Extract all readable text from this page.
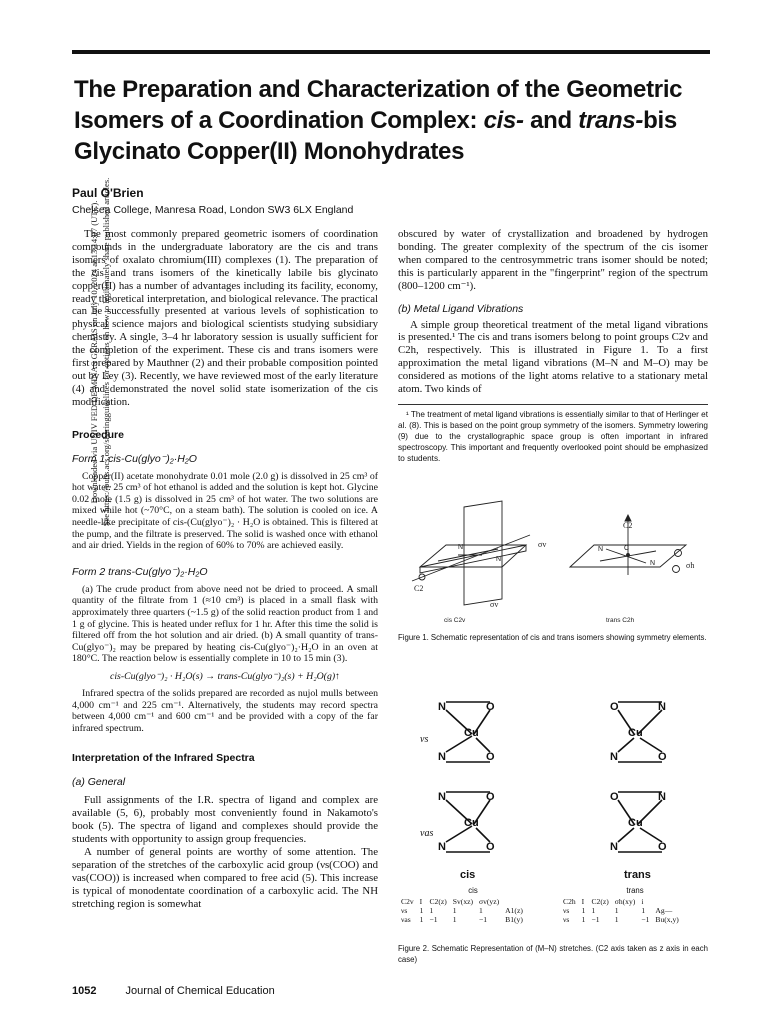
Downloaded via UNIV FED DE MINAS GERAIS on July 10, 2024 at 13:14:07 (UTC). See https://pubs.acs.org/sharingguidelines for options on how to legitimately share published articles.
The Preparation and Characterization of the Geometric Isomers of a Coordination Complex: cis- and trans-bis Glycinato Copper(II) Monohydrates
Paul O'Brien
Chelsea College, Manresa Road, London SW3 6LX England

The most commonly prepared geometric isomers of coordination compounds in the undergraduate laboratory are the cis and trans isomers of oxalato chromium(III) complexes (1). The preparation of the cis and trans isomers of the kinetically labile bis glycinato copper(II) has a number of advantages including its facility, economy, ready theoretical interpretation, and biological relevance. The practical can be successfully presented at various levels of sophistication to physical science majors and biological scientists studying subsidiary chemistry. A single, 3–4 hr laboratory session is usually sufficient for the completion of the experiment. These cis and trans isomers were first prepared by Mauthner (2) and their probable composition pointed out by Ley (3). Recently, we have reviewed most of the early literature (4) and demonstrated the novel solid state isomerization of the cis modification.

Procedure
Form 1 cis-Cu(glyo⁻)₂·H₂O

Copper(II) acetate monohydrate 0.01 mole (2.0 g) is dissolved in 25 cm³ of hot water. 25 cm³ of hot ethanol is added and the solution is kept hot. Glycine 0.02 mole (1.5 g) is dissolved in 25 cm³ of hot water. The two solutions are mixed while hot (~70°C, on a steam bath). The solution is cooled on ice. A needle-like precipitate of cis-(Cu(glyo⁻)₂ · H₂O is obtained. This is filtered at the pump, and the filtrate is preserved. The solid is washed once with ethanol and air dried. Yields in the region of 60% to 70% are achieved easily.

Form 2 trans-Cu(glyo⁻)₂·H₂O

(a) The crude product from above need not be dried to proceed. A small quantity of the filtrate from 1 (≈10 cm³) is placed in a small flask with approximately three quarters (~1.5 g) of the solid reaction product from 1 and 1 g of glycine. This is heated under reflux for 1 hr. After this time the solid is filtered off from the hot solution and air dried. (b) A small quantity of trans-Cu(glyo⁻)₂ may be prepared by heating cis-Cu(glyo⁻)₂·H₂O in an oven at 180°C. The reaction below is essentially complete in 10 to 15 min (3).

cis-Cu(glyo⁻)₂ · H₂O(s) → trans-Cu(glyo⁻)₂(s) + H₂O(g)↑

Infrared spectra of the solids prepared are recorded as nujol mulls between 4,000 cm⁻¹ and 225 cm⁻¹. Alternatively, the students may record spectra between 4,000 cm⁻¹ and 600 cm⁻¹ and be provided with a copy of the far infrared spectrum.

Interpretation of the Infrared Spectra
(a) General

Full assignments of the I.R. spectra of ligand and complex are available (5, 6), probably most conveniently found in Nakamoto's book (5). The spectra of ligand and complexes should provide the students with opportunity to assign group frequencies.

A number of general points are worthy of some attention. The separation of the stretches of the carboxylic acid group (νs(COO) and νas(COO)) is increased when compared to free acid (5). This increase is typical of monodentate coordination of a carboxylic acid. The NH stretching region is somewhat

obscured by water of crystallization and broadened by hydrogen bonding. The greater complexity of the spectrum of the cis isomer when compared to the centrosymmetric trans isomer should be noted; this is particularly apparent in the "fingerprint" region of the spectrum (800–1200 cm⁻¹).

(b) Metal Ligand Vibrations

A simple group theoretical treatment of the metal ligand vibrations is presented.¹ The cis and trans isomers belong to point groups C2v and C2h, respectively. This is illustrated in Figure 1. To a first approximation the metal ligand vibrations (M–N and M–O) may be considered as motions of the light atoms relative to a stationary metal atom. Two kinds of

¹ The treatment of metal ligand vibrations is essentially similar to that of Herlinger et al. (8). This is based on the point group symmetry of the isomers. Symmetry lowering (9) due to the crystallographic space group is often important in infrared spectroscopy. This important and frequently overlooked point should be emphasized to students.

N
N
N
N
C
C2
σv
C2
σv
σh
cis C2v	trans C2h

Figure 1. Schematic representation of cis and trans isomers showing symmetry elements.

N	O
Cu
N	O
O	N
Cu
N	O
N	O
Cu
N	O
O	N
Cu
N	O
νs
νas
cis	trans
cis
C2v	I	C2(z)	Sv(xz)	σv(yz)	
νs	1	1	1	1	A1(z)
νas	1	−1	1	−1	B1(y)
trans
C2h	I	C2(z)	σh(xy)	i	
νs	1	1	1	1	Ag—
νs	1	−1	1	−1	Bu(x,y)

Figure 2. Schematic Representation of (M–N) stretches. (C2 axis taken as z axis in each case)

1052	Journal of Chemical Education
